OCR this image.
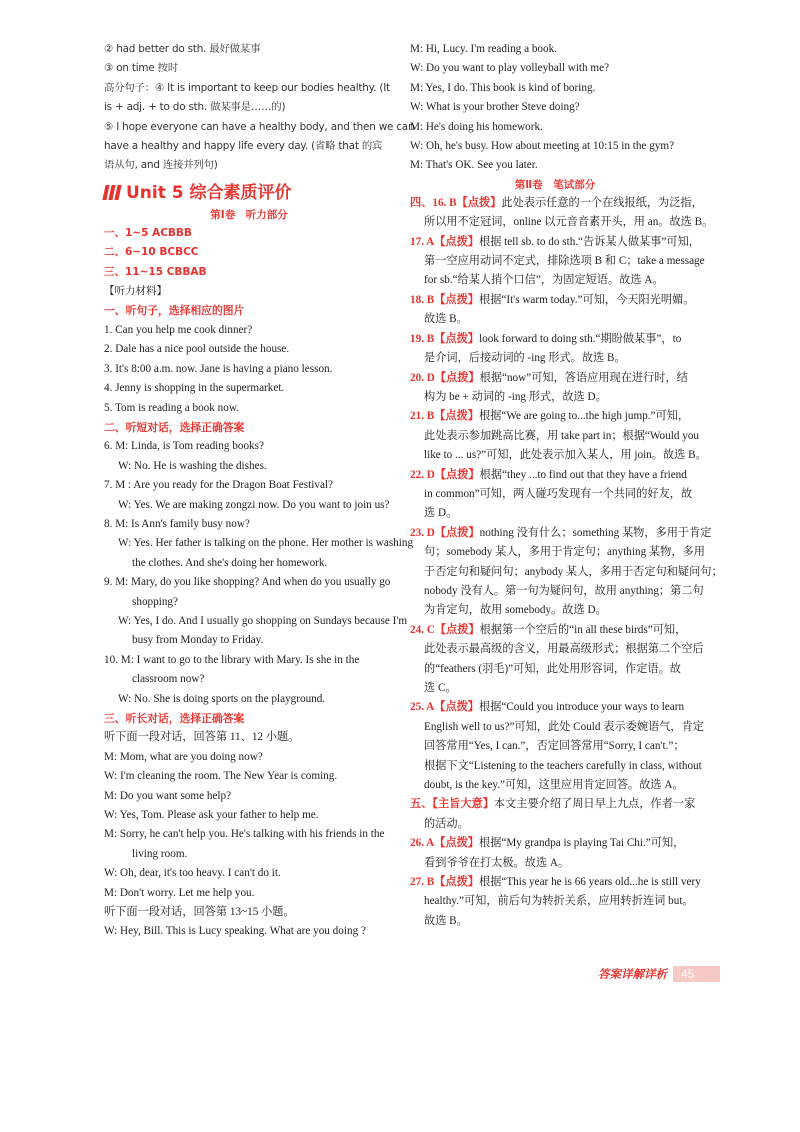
② had better do sth. 最好做某事
③ on time 按时
高分句子：④ It is important to keep our bodies healthy. (It
is + adj. + to do sth. 做某事是……的)
⑤ I hope everyone can have a healthy body, and then we can
have a healthy and happy life every day. (省略 that 的宾
语从句, and 连接并列句)
Unit 5 综合素质评价
第Ⅰ卷　听力部分
一、1~5 ACBBB
二、6~10 BCBCC
三、11~15 CBBAB
【听力材料】
一、听句子，选择相应的图片
1. Can you help me cook dinner?
2. Dale has a nice pool outside the house.
3. It's 8:00 a.m. now. Jane is having a piano lesson.
4. Jenny is shopping in the supermarket.
5. Tom is reading a book now.
二、听短对话，选择正确答案
6. M: Linda, is Tom reading books?
W: No. He is washing the dishes.
7. M : Are you ready for the Dragon Boat Festival?
W: Yes. We are making zongzi now. Do you want to join us?
8. M: Is Ann's family busy now?
W: Yes. Her father is talking on the phone. Her mother is washing
the clothes. And she's doing her homework.
9. M: Mary, do you like shopping? And when do you usually go
shopping?
W: Yes, I do. And I usually go shopping on Sundays because I'm
busy from Monday to Friday.
10. M: I want to go to the library with Mary. Is she in the
classroom now?
W: No. She is doing sports on the playground.
三、听长对话，选择正确答案
听下面一段对话，回答第 11、12 小题。
M: Mom, what are you doing now?
W: I'm cleaning the room. The New Year is coming.
M: Do you want some help?
W: Yes, Tom. Please ask your father to help me.
M: Sorry, he can't help you. He's talking with his friends in the
living room.
W: Oh, dear, it's too heavy. I can't do it.
M: Don't worry. Let me help you.
听下面一段对话，回答第 13~15 小题。
W: Hey, Bill. This is Lucy speaking. What are you doing ?
M: Hi, Lucy. I'm reading a book.
W: Do you want to play volleyball with me?
M: Yes, I do. This book is kind of boring.
W: What is your brother Steve doing?
M: He's doing his homework.
W: Oh, he's busy. How about meeting at 10:15 in the gym?
M: That's OK. See you later.
第Ⅱ卷　笔试部分
四、16. B【点拨】此处表示任意的一个在线报纸，为泛指，
所以用不定冠词，online 以元音音素开头，用 an。故选 B。
17. A【点拨】根据 tell sb. to do sth.“告诉某人做某事”可知，
第一空应用动词不定式，排除选项 B 和 C；take a message
for sb.“给某人捎个口信”，为固定短语。故选 A。
18. B【点拨】根据“It's warm today.”可知，今天阳光明媚。
故选 B。
19. B【点拨】look forward to doing sth.“期盼做某事”，to
是介词，后接动词的 -ing 形式。故选 B。
20. D【点拨】根据“now”可知，答语应用现在进行时，结
构为 be + 动词的 -ing 形式，故选 D。
21. B【点拨】根据“We are going to...the high jump.”可知，
此处表示参加跳高比赛，用 take part in；根据“Would you
like to ... us?”可知，此处表示加入某人，用 join。故选 B。
22. D【点拨】根据“they ...to find out that they have a friend
in common”可知，两人碰巧发现有一个共同的好友，故
选 D。
23. D【点拨】nothing 没有什么；something 某物，多用于肯定
句；somebody 某人，多用于肯定句；anything 某物，多用
于否定句和疑问句；anybody 某人，多用于否定句和疑问句；
nobody 没有人。第一句为疑问句，故用 anything；第二句
为肯定句，故用 somebody。故选 D。
24. C【点拨】根据第一个空后的“in all these birds”可知，
此处表示最高级的含义，用最高级形式；根据第二个空后
的“feathers (羽毛)”可知，此处用形容词，作定语。故
选 C。
25. A【点拨】根据“Could you introduce your ways to learn
English well to us?”可知，此处 Could 表示委婉语气，肯定
回答常用“Yes, I can.”，否定回答常用“Sorry, I can't.”；
根据下文“Listening to the teachers carefully in class, without
doubt, is the key.”可知，这里应用肯定回答。故选 A。
五、【主旨大意】本文主要介绍了周日早上九点，作者一家
的活动。
26. A【点拨】根据“My grandpa is playing Tai Chi.”可知，
看到爷爷在打太极。故选 A。
27. B【点拨】根据“This year he is 66 years old...he is still very
healthy.”可知，前后句为转折关系，应用转折连词 but。
故选 B。
答案详解详析	45
